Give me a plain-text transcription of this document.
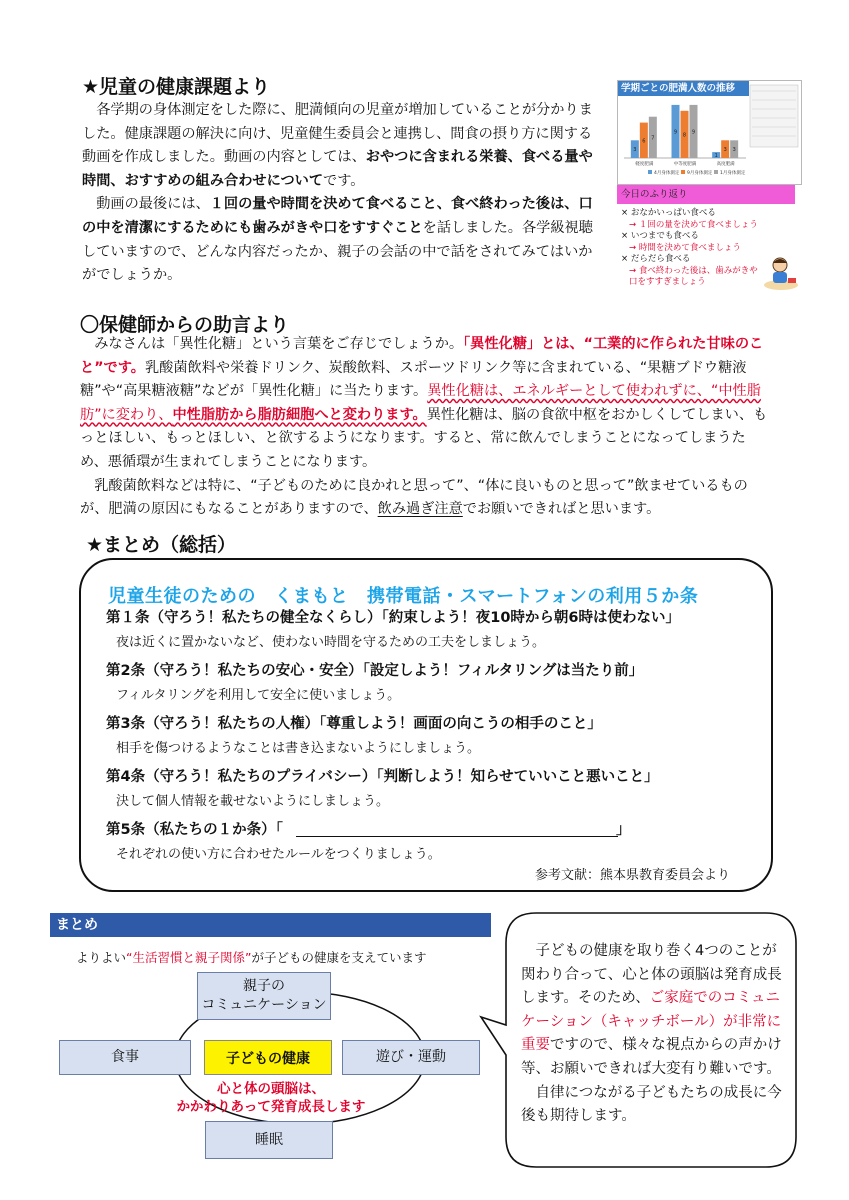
★児童の健康課題より

各学期の身体測定をした際に、肥満傾向の児童が増加していることが分かりました。健康課題の解決に向け、児童健生委員会と連携し、間食の摂り方に関する動画を作成しました。動画の内容としては、おやつに含まれる栄養、食べる量や時間、おすすめの組み合わせについてです。

動画の最後には、１回の量や時間を決めて食べること、食べ終わった後は、口の中を清潔にするためにも歯みがきや口をすすぐことを話しました。各学級視聴していますので、どんな内容だったか、親子の会話の中で話をされてみてはいかがでしょうか。

3
6 7
軽度肥満
9 8 9
中等度肥満
1
3 3
高度肥満
4月身体測定 9月身体測定 1月身体測定
学期ごとの肥満人数の推移
今日のふり返り
× おなかいっぱい食べる
→ １回の量を決めて食べましょう
× いつまでも食べる
→ 時間を決めて食べましょう
× だらだら食べる
→ 食べ終わった後は、歯みがきや口をすすぎましょう
〇保健師からの助言より

みなさんは「異性化糖」という言葉をご存じでしょうか。「異性化糖」とは、“工業的に作られた甘味のこと”です。乳酸菌飲料や栄養ドリンク、炭酸飲料、スポーツドリンク等に含まれている、“果糖ブドウ糖液糖”や“高果糖液糖”などが「異性化糖」に当たります。異性化糖は、エネルギーとして使われずに、“中性脂肪”に変わり、中性脂肪から脂肪細胞へと変わります。異性化糖は、脳の食欲中枢をおかしくしてしまい、もっとほしい、もっとほしい、と欲するようになります。すると、常に飲んでしまうことになってしまうため、悪循環が生まれてしまうことになります。

乳酸菌飲料などは特に、“子どものために良かれと思って”、“体に良いものと思って”飲ませているものが、肥満の原因にもなることがありますので、飲み過ぎ注意でお願いできればと思います。

★まとめ（総括）
児童生徒のための　くまもと　携帯電話・スマートフォンの利用５か条
第１条（守ろう！私たちの健全なくらし）「約束しよう！夜10時から朝6時は使わない」
夜は近くに置かないなど、使わない時間を守るための工夫をしましょう。
第2条（守ろう！私たちの安心・安全）「設定しよう！フィルタリングは当たり前」
フィルタリングを利用して安全に使いましょう。
第3条（守ろう！私たちの人権）「尊重しよう！画面の向こうの相手のこと」
相手を傷つけるようなことは書き込まないようにしましょう。
第4条（守ろう！私たちのプライバシー）「判断しよう！知らせていいこと悪いこと」
決して個人情報を載せないようにしましょう。
第5条（私たちの１か条）「	」
それぞれの使い方に合わせたルールをつくりましょう。
参考文献：熊本県教育委員会より
まとめ
よりよい“生活習慣と親子関係”が子どもの健康を支えています
親子の
コミュニケーション
食事	遊び・運動
睡眠
子どもの健康
心と体の頭脳は、
かかわりあって発育成長します

子どもの健康を取り巻く4つのことが関わり合って、心と体の頭脳は発育成長します。そのため、ご家庭でのコミュニケーション（キャッチボール）が非常に重要ですので、様々な視点からの声かけ等、お願いできれば大変有り難いです。

自律につながる子どもたちの成長に今後も期待します。
